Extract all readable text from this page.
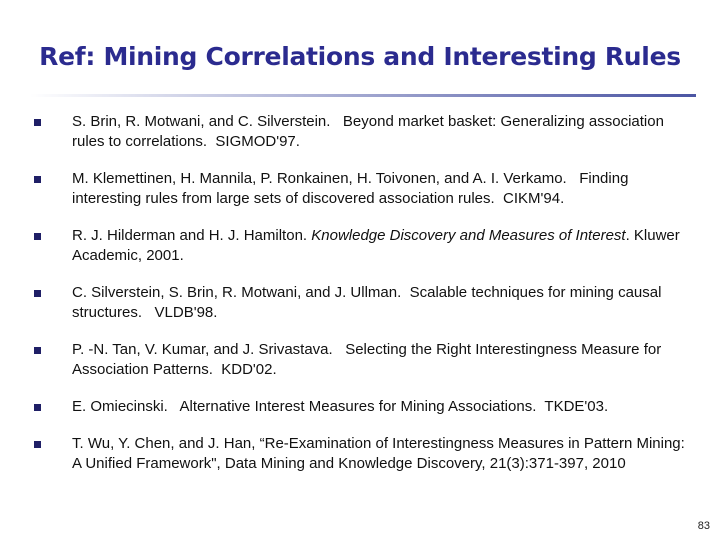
Ref: Mining Correlations and Interesting Rules
S. Brin, R. Motwani, and C. Silverstein.   Beyond market basket: Generalizing association rules to correlations.  SIGMOD'97.
M. Klemettinen, H. Mannila, P. Ronkainen, H. Toivonen, and A. I. Verkamo.   Finding interesting rules from large sets of discovered association rules.  CIKM'94.
R. J. Hilderman and H. J. Hamilton. Knowledge Discovery and Measures of Interest. Kluwer Academic, 2001.
C. Silverstein, S. Brin, R. Motwani, and J. Ullman.  Scalable techniques for mining causal structures.   VLDB'98.
P. -N. Tan, V. Kumar, and J. Srivastava.   Selecting the Right Interestingness Measure for Association Patterns.  KDD'02.
E. Omiecinski.   Alternative Interest Measures for Mining Associations.  TKDE'03.
T. Wu, Y. Chen, and J. Han, “Re-Examination of Interestingness Measures in Pattern Mining: A Unified Framework", Data Mining and Knowledge Discovery, 21(3):371-397, 2010
83
